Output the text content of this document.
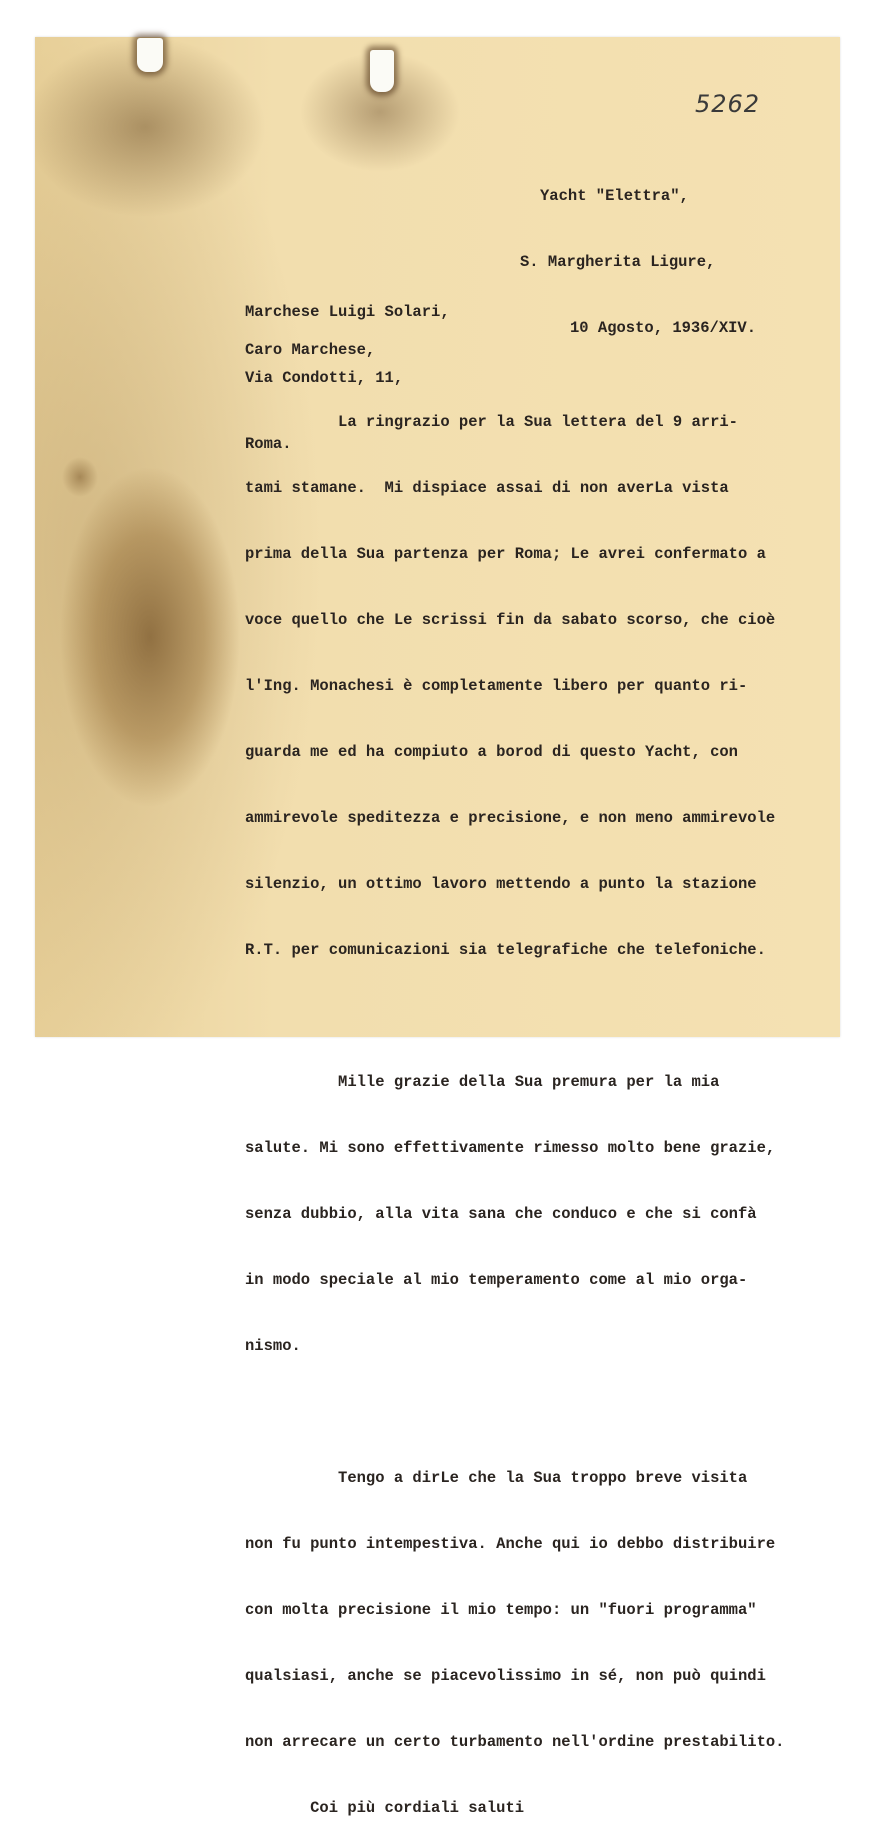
5262

Yacht "Elettra",

S. Margherita Ligure,

10 Agosto, 1936/XIV.

Marchese Luigi Solari,

Via Condotti, 11,

Roma.

Caro Marchese,

La ringrazio per la Sua lettera del 9 arri-

tami stamane.  Mi dispiace assai di non averLa vista

prima della Sua partenza per Roma; Le avrei confermato a

voce quello che Le scrissi fin da sabato scorso, che cioè

l'Ing. Monachesi è completamente libero per quanto ri-

guarda me ed ha compiuto a borod di questo Yacht, con

ammirevole speditezza e precisione, e non meno ammirevole

silenzio, un ottimo lavoro mettendo a punto la stazione

R.T. per comunicazioni sia telegrafiche che telefoniche.

Mille grazie della Sua premura per la mia

salute. Mi sono effettivamente rimesso molto bene grazie,

senza dubbio, alla vita sana che conduco e che si confà

in modo speciale al mio temperamento come al mio orga-

nismo.

Tengo a dirLe che la Sua troppo breve visita

non fu punto intempestiva. Anche qui io debbo distribuire

con molta precisione il mio tempo: un "fuori programma"

qualsiasi, anche se piacevolissimo in sé, non può quindi

non arrecare un certo turbamento nell'ordine prestabilito.

Coi più cordiali saluti
